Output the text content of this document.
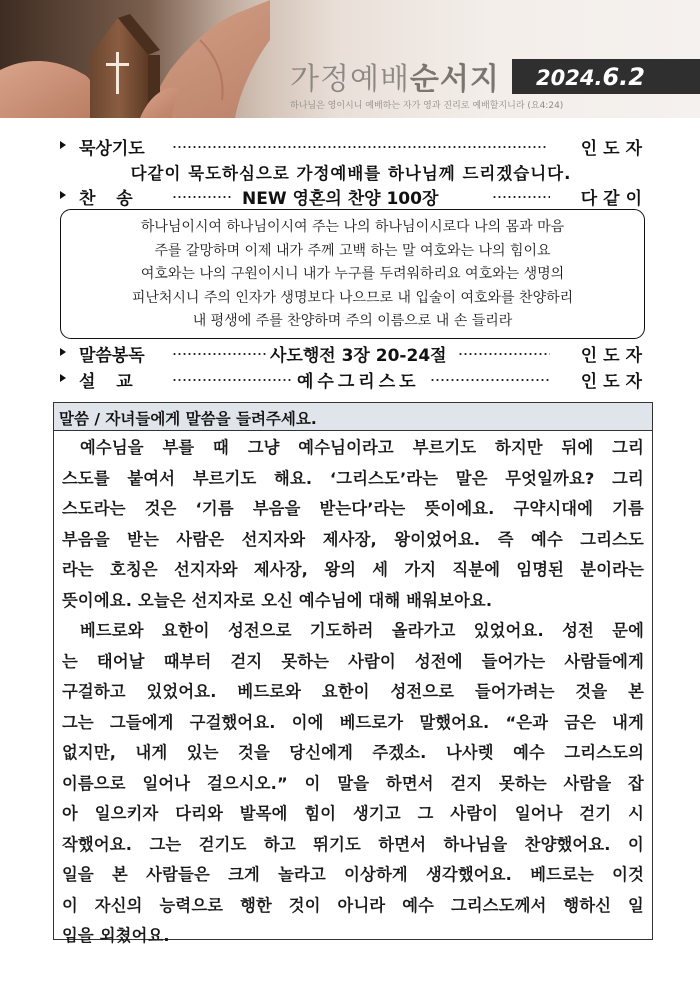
가정예배순서지 2024.6.2
하나님은 영이시니 예배하는 자가 영과 진리로 예배할지니라 (요4:24)
묵상기도	인도자
다같이 묵도하심으로 가정예배를 하나님께 드리겠습니다.
찬  송	NEW 영혼의 찬양 100장	다같이
하나님이시여 하나님이시여 주는 나의 하나님이시로다 나의 몸과 마음
주를 갈망하며 이제 내가 주께 고백 하는 말 여호와는 나의 힘이요
여호와는 나의 구원이시니 내가 누구를 두려워하리요 여호와는 생명의
피난처시니 주의 인자가 생명보다 나으므로 내 입술이 여호와를 찬양하리
내 평생에 주를 찬양하며 주의 이름으로 내 손 들리라
말씀봉독	사도행전 3장 20-24절	인도자
설  교	예수그리스도	인도자
말씀 / 자녀들에게 말씀을 들려주세요.
예수님을 부를 때 그냥 예수님이라고 부르기도 하지만 뒤에 그리
스도를 붙여서 부르기도 해요. ‘그리스도’라는 말은 무엇일까요? 그리
스도라는 것은 ‘기름 부음을 받는다’라는 뜻이에요. 구약시대에 기름
부음을 받는 사람은 선지자와 제사장, 왕이었어요. 즉 예수 그리스도
라는 호칭은 선지자와 제사장, 왕의 세 가지 직분에 임명된 분이라는
뜻이에요. 오늘은 선지자로 오신 예수님에 대해 배워보아요.
베드로와 요한이 성전으로 기도하러 올라가고 있었어요. 성전 문에
는 태어날 때부터 걷지 못하는 사람이 성전에 들어가는 사람들에게
구걸하고 있었어요. 베드로와 요한이 성전으로 들어가려는 것을 본
그는 그들에게 구걸했어요. 이에 베드로가 말했어요. “은과 금은 내게
없지만, 내게 있는 것을 당신에게 주겠소. 나사렛 예수 그리스도의
이름으로 일어나 걸으시오.” 이 말을 하면서 걷지 못하는 사람을 잡
아 일으키자 다리와 발목에 힘이 생기고 그 사람이 일어나 걷기 시
작했어요. 그는 걷기도 하고 뛰기도 하면서 하나님을 찬양했어요. 이
일을 본 사람들은 크게 놀라고 이상하게 생각했어요. 베드로는 이것
이 자신의 능력으로 행한 것이 아니라 예수 그리스도께서 행하신 일
임을 외쳤어요.
